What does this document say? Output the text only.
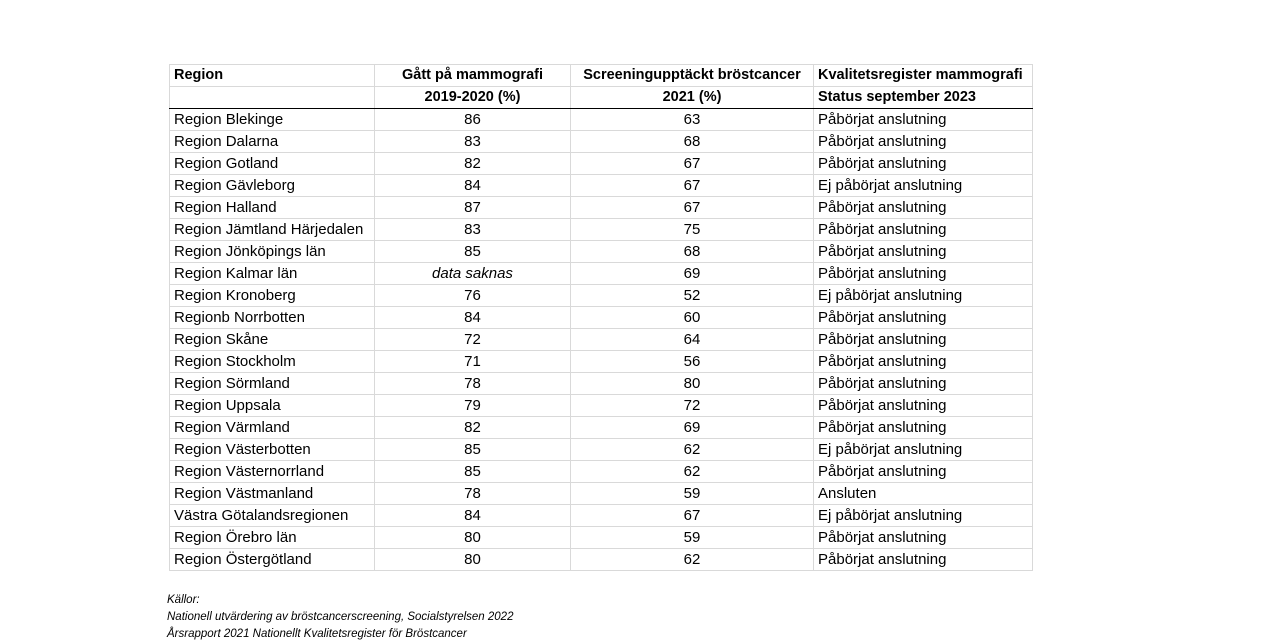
Region	Gått på mammografi	Screeningupptäckt bröstcancer	Kvalitetsregister mammografi
	2019-2020 (%)	2021 (%)	Status september 2023
Region Blekinge	86	63	Påbörjat anslutning
Region Dalarna	83	68	Påbörjat anslutning
Region Gotland	82	67	Påbörjat anslutning
Region Gävleborg	84	67	Ej påbörjat anslutning
Region Halland	87	67	Påbörjat anslutning
Region Jämtland Härjedalen	83	75	Påbörjat anslutning
Region Jönköpings län	85	68	Påbörjat anslutning
Region Kalmar län	data saknas	69	Påbörjat anslutning
Region Kronoberg	76	52	Ej påbörjat anslutning
Regionb Norrbotten	84	60	Påbörjat anslutning
Region Skåne	72	64	Påbörjat anslutning
Region Stockholm	71	56	Påbörjat anslutning
Region Sörmland	78	80	Påbörjat anslutning
Region Uppsala	79	72	Påbörjat anslutning
Region Värmland	82	69	Påbörjat anslutning
Region Västerbotten	85	62	Ej påbörjat anslutning
Region Västernorrland	85	62	Påbörjat anslutning
Region Västmanland	78	59	Ansluten
Västra Götalandsregionen	84	67	Ej påbörjat anslutning
Region Örebro län	80	59	Påbörjat anslutning
Region Östergötland	80	62	Påbörjat anslutning
Källor:
Nationell utvärdering av bröstcancerscreening, Socialstyrelsen 2022
Årsrapport 2021 Nationellt Kvalitetsregister för Bröstcancer
